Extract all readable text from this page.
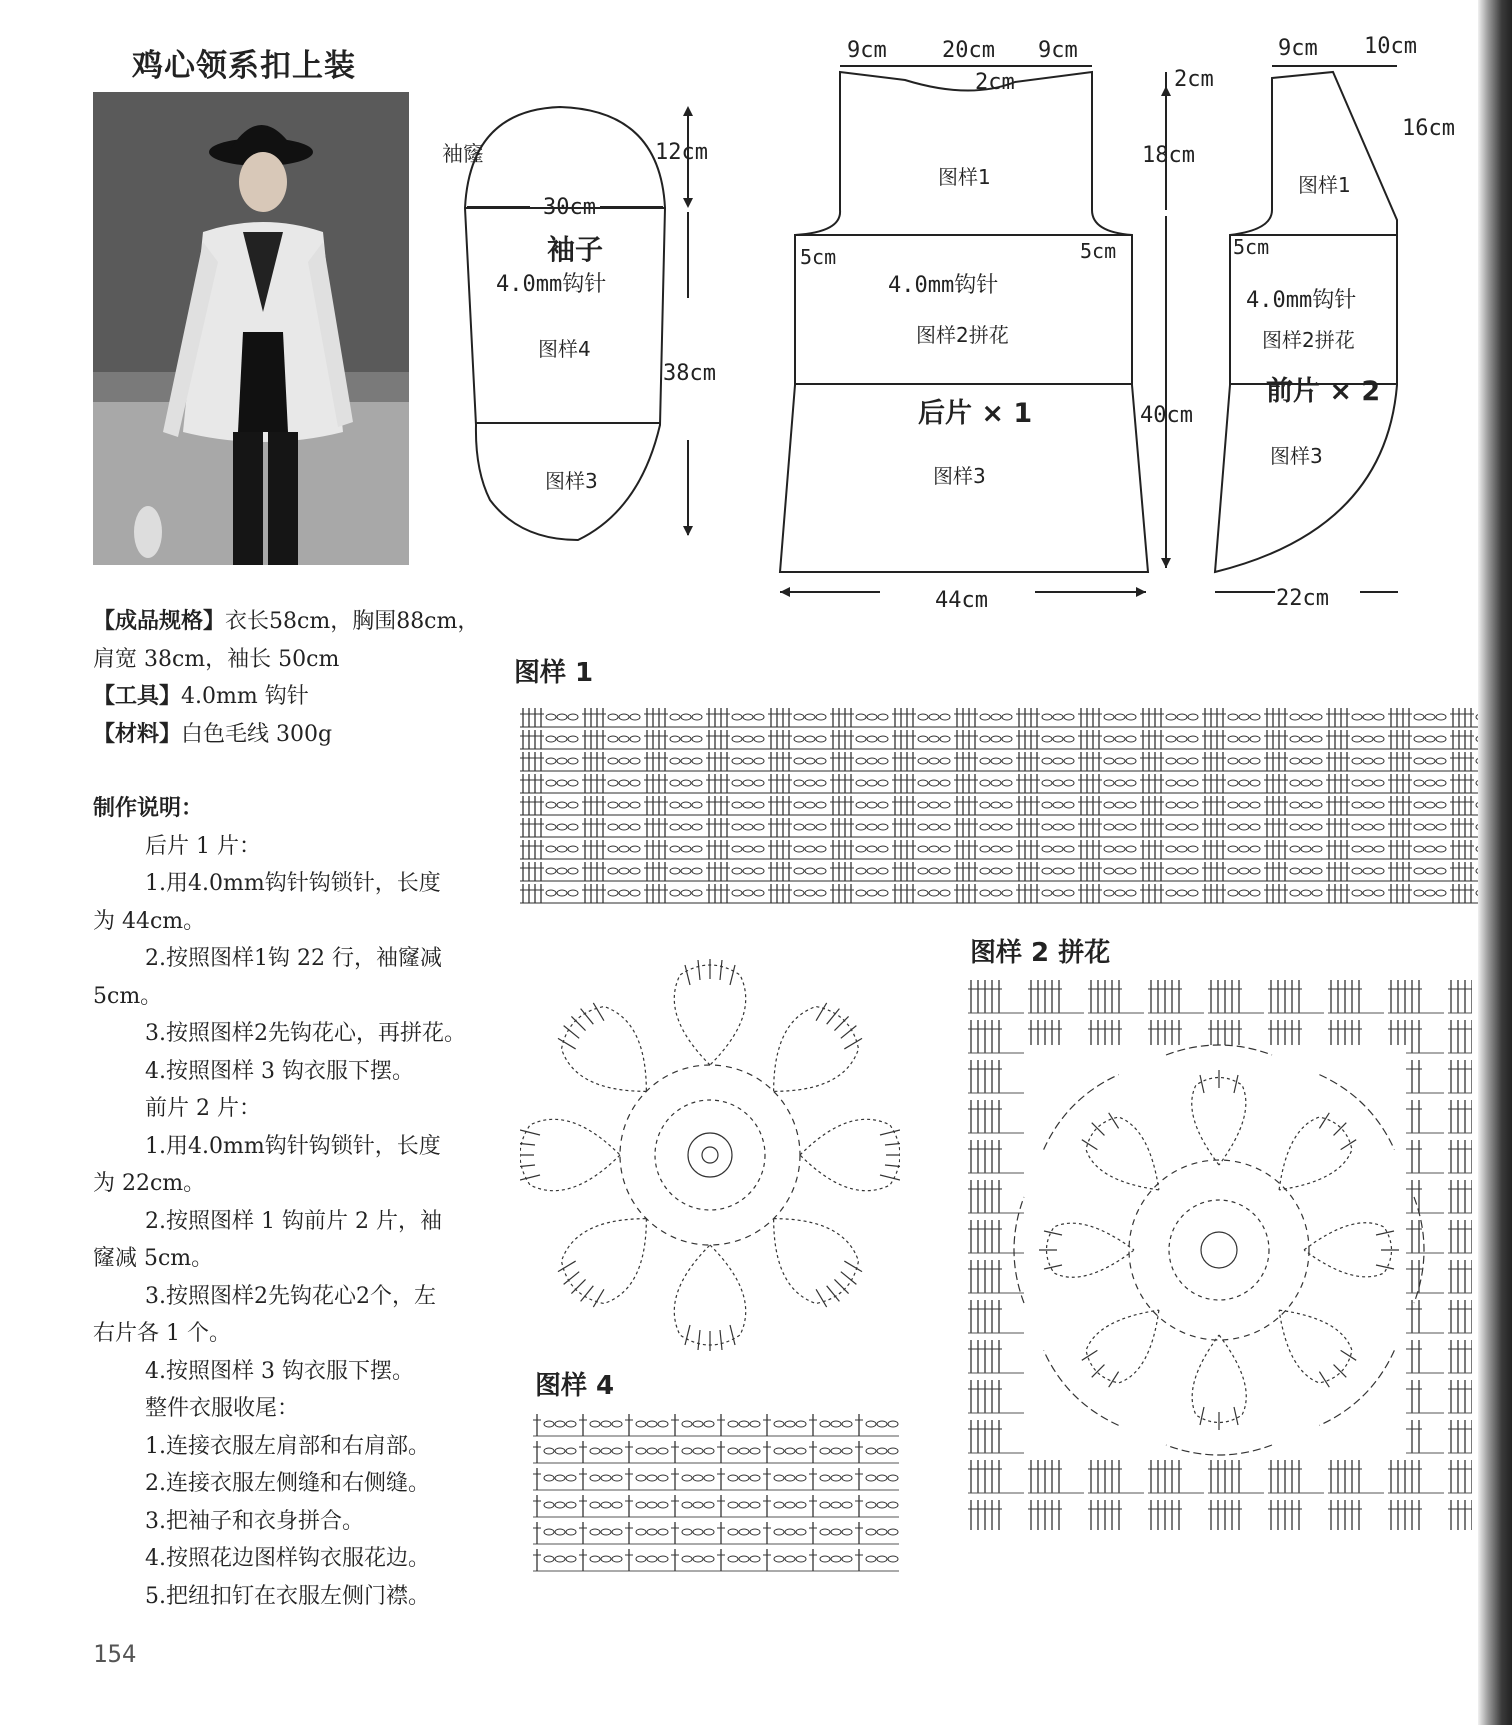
鸡心领系扣上装

【成品规格】衣长58cm，胸围88cm，

肩宽 38cm，袖长 50cm

【工具】4.0mm 钩针

【材料】白色毛线 300g

制作说明：

后片 1 片：

1.用4.0mm钩针钩锁针，长度

为 44cm。

2.按照图样1钩 22 行，袖窿减

5cm。

3.按照图样2先钩花心，再拼花。

4.按照图样 3 钩衣服下摆。

前片 2 片：

1.用4.0mm钩针钩锁针，长度

为 22cm。

2.按照图样 1 钩前片 2 片，袖

窿减 5cm。

3.按照图样2先钩花心2个，左

右片各 1 个。

4.按照图样 3 钩衣服下摆。

整件衣服收尾：

1.连接衣服左肩部和右肩部。

2.连接衣服左侧缝和右侧缝。

3.把袖子和衣身拼合。

4.按照花边图样钩衣服花边。

5.把纽扣钉在衣服左侧门襟。

154
袖窿	12cm
30cm
袖子
4.0mm钩针
图样4
38cm
图样3
9cm	20cm 9cm
2cm	2cm
18cm
图样1
5cm	5cm
4.0mm钩针
图样2拼花
后片 × 1	40cm
图样3
44cm
9cm 10cm
16cm
图样1
5cm
4.0mm钩针
图样2拼花
前片 × 2
图样3
22cm
图样 1
图样 2 拼花
图样 4
